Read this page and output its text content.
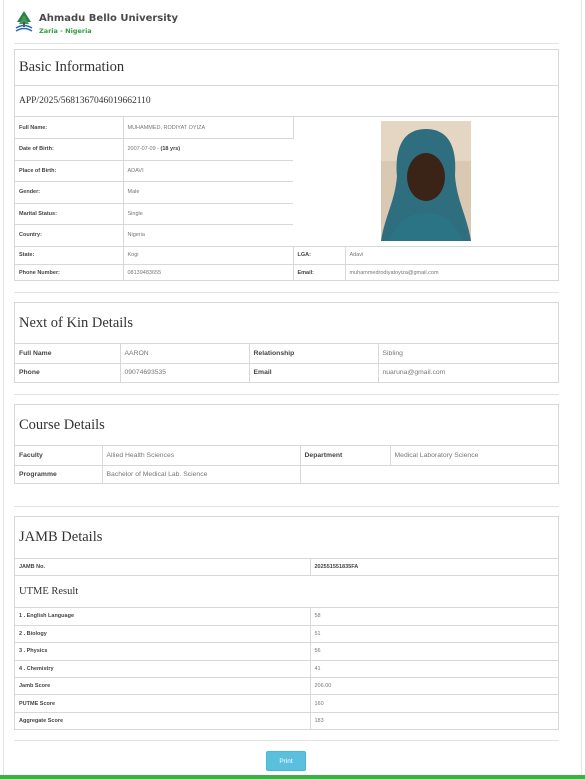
Ahmadu Bello University
Zaria - Nigeria
Basic Information
APP/2025/5681367046019662110
Full Name:	MUHAMMED, RODIYAT OYIZA	
Date of Birth:	2007-07-09 - (18 yrs)		
Place of Birth:	ADAVI		
Gender:	Male		
Marital Status:	Single		
Country:	Nigeria		
State:	Kogi	LGA:	Adavi
Phone Number:	08139483655	Email:	muhammedrodiyatoyiza@gmail.com
Next of Kin Details
Full Name	AARON	Relationship	Sibling
Phone	09074693535	Email	nuaruna@gmail.com
Course Details
Faculty	Allied Health Sciences	Department	Medical Laboratory Science
Programme	Bachelor of Medical Lab. Science		
JAMB Details
JAMB No.	202551551835FA
UTME Result
1 . English Language	58
2 . Biology	51
3 . Physics	56
4 . Chemistry	41
Jamb Score	206.00
PUTME Score	160
Aggregate Score	183
Print
